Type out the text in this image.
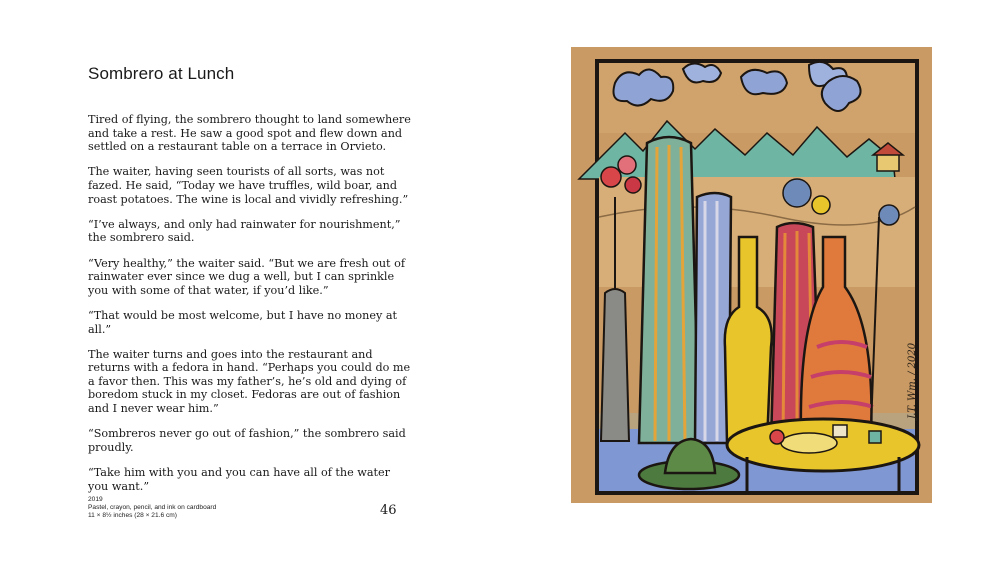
Sombrero at Lunch

Tired of flying, the sombrero thought to land somewhere and take a rest. He saw a good spot and flew down and settled on a restaurant table on a terrace in Orvieto.

The waiter, having seen tourists of all sorts, was not fazed. He said, “Today we have truffles, wild boar, and roast potatoes. The wine is local and vividly refreshing.”

“I’ve always, and only had rainwater for nourishment,” the sombrero said.

“Very healthy,” the waiter said. “But we are fresh out of rainwater ever since we dug a well, but I can sprinkle you with some of that water, if you’d like.”

“That would be most welcome, but I have no money at all.”

The waiter turns and goes into the restaurant and returns with a fedora in hand. “Perhaps you could do me a favor then. This was my father’s, he’s old and dying of boredom stuck in my closet. Fedoras are out of fashion and I never wear him.”

“Sombreros never go out of fashion,” the sombrero said proudly.

“Take him with you and you can have all of the water you want.”

2019
Pastel, crayon, pencil, and ink on cardboard
11 × 8½ inches (28 × 21.6 cm)	46
J.T. Wm. / 2020
